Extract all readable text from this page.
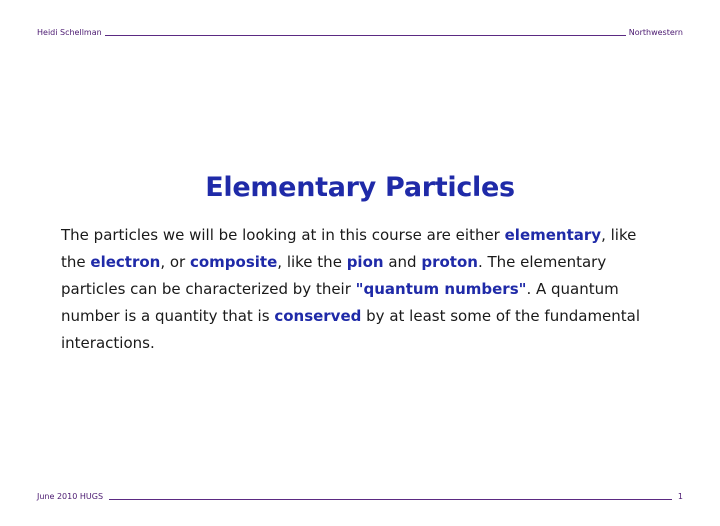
Heidi Schellman	Northwestern
Elementary Particles
The particles we will be looking at in this course are either elementary, like the electron, or composite, like the pion and proton. The elementary particles can be characterized by their "quantum numbers". A quantum number is a quantity that is conserved by at least some of the fundamental interactions.
June 2010 HUGS	1
